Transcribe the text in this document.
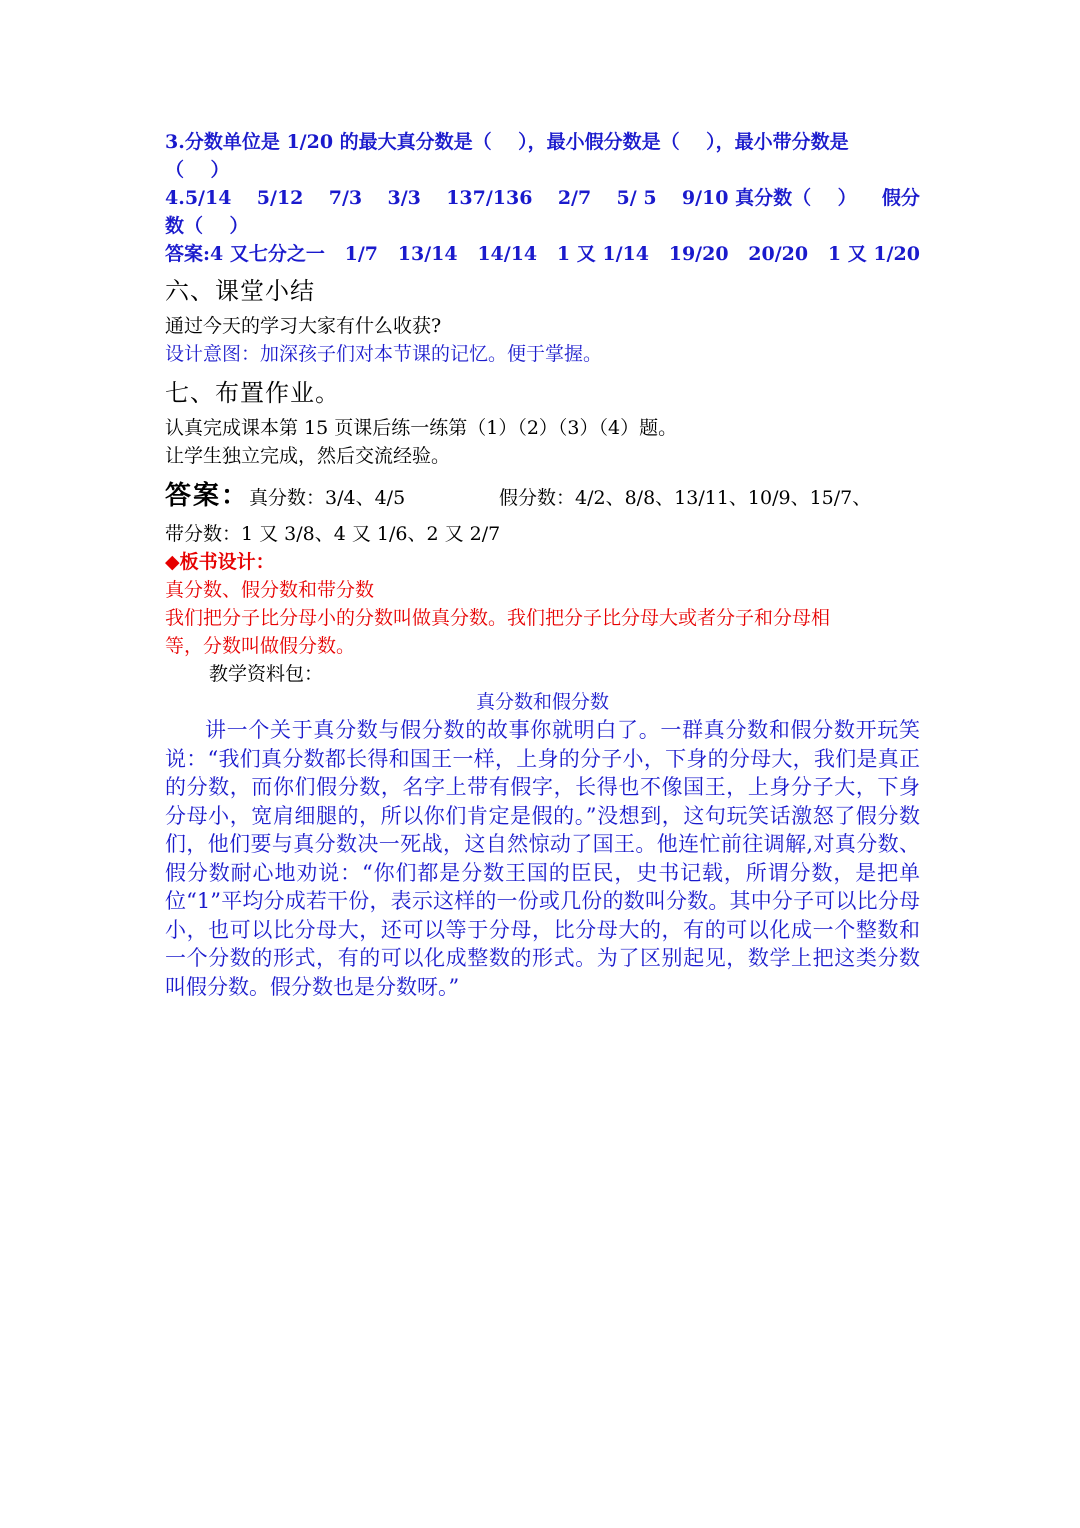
3.分数单位是 1/20 的最大真分数是（    ），最小假分数是（    ），最小带分数是

（    ）

4.5/14 5/12 7/3 3/3 137/136 2/7 5/ 5 9/10 真分数（    ） 假分

数（    ）

答案:4 又七分之一 1/7 13/14 14/14 1 又 1/14 19/20 20/20 1 又 1/20
六、课堂小结

通过今天的学习大家有什么收获?

设计意图：加深孩子们对本节课的记忆。便于掌握。

七、布置作业。

认真完成课本第 15 页课后练一练第（1）（2）（3）（4）题。

让学生独立完成，然后交流经验。

答案： 真分数：3/4、4/5	假分数：4/2、8/8、13/11、10/9、15/7、

带分数：1 又 3/8、4 又 1/6、2 又 2/7

◆板书设计：

真分数、假分数和带分数

我们把分子比分母小的分数叫做真分数。我们把分子比分母大或者分子和分母相

等，分数叫做假分数。

教学资料包：

真分数和假分数

讲一个关于真分数与假分数的故事你就明白了。一群真分数和假分数开玩笑说：“我们真分数都长得和国王一样，上身的分子小，下身的分母大，我们是真正的分数，而你们假分数，名字上带有假字，长得也不像国王，上身分子大，下身分母小，宽肩细腿的，所以你们肯定是假的。”没想到，这句玩笑话激怒了假分数们，他们要与真分数决一死战，这自然惊动了国王。他连忙前往调解,对真分数、假分数耐心地劝说：“你们都是分数王国的臣民，史书记载，所谓分数，是把单位“1”平均分成若干份，表示这样的一份或几份的数叫分数。其中分子可以比分母小，也可以比分母大，还可以等于分母，比分母大的，有的可以化成一个整数和一个分数的形式，有的可以化成整数的形式。为了区别起见，数学上把这类分数叫假分数。假分数也是分数呀。”
